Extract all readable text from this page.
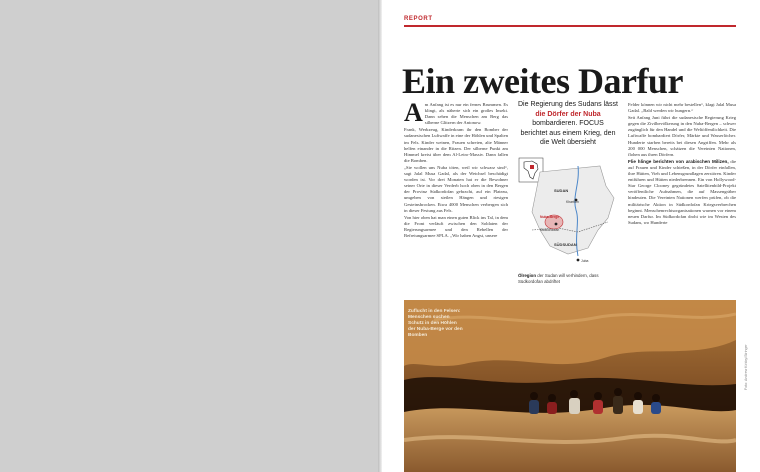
REPORT
Ein zweites Darfur

Am Anfang ist es nur ein fernes Brummen. Es klingt, als näherte sich ein großes Insekt. Dann sehen die Menschen am Berg das silberne Glitzern der Antonow.

Frank, Werkzeug, Kinderkram ihr den Bomber der sudanesischen Luftwaffe in eine der Höhlen und Spalten im Fels. Kinder weinen, Frauen schreien, alte Männer helfen einander in die Ritzen. Der silberne Punkt am Himmel kreist über dem Al-Leiro-Massiv. Dann fallen die Bomben.

„Sie wollen uns Nuba töten, weil wir schwarz sind“, sagt Jalal Musa Gadal, als der Weichsel beschädigt worden ist. Vor drei Monaten hat er die Bewohner seiner Orte in dieser Verderb hoch oben in den Bergen der Provinz Südkordofan gebracht, auf ein Plateau, umgeben von steilen Hängen und riesigen Gesteinsbrocken. Etwa 4000 Menschen verbergen sich in dieser Festung aus Fels.

Von hier oben hat man einen guten Blick ins Tal, in dem die Front verläuft zwischen den Soldaten der Regierungsarmee und den Rebellen der Befreiungsarmee SPLA. „Wir haben Angst, unsere

Die Regierung des Sudans lässt die Dörfer der Nuba bombardieren. FOCUS berichtet aus einem Krieg, den die Welt übersieht
SUDAN
Khartum
Nuba-Berge
Südkordofan
SÜDSUDAN
Juba
Ölregion der Sudan will verhindern, dass Südkordofan abdriftet

Felder können wir nicht mehr bestellen“, klagt Jalal Musa Gadal. „Bald werden wir hungern.“

Seit Anfang Juni führt die sudanesische Regierung Krieg gegen die Zivilbevölkerung in den Nuba-Bergen – schwer zugänglich für den Handel und die Weltöffentlichkeit. Die Luftwaffe bombardiert Dörfer, Märkte und Wasserlöcher. Hunderte starben bereits bei diesen Angriffen. Mehr als 200 000 Menschen, schätzen die Vereinten Nationen, flohen aus ihren Dörfern.

Flie hlinge berichten von arabischen Milizen, die auf Frauen und Kinder schießen, in der Dörfer einfallen, ihre Hütten, Vieh und Lebensgrundlagen zerstören. Kinder entführen und Hütten niederbrennen. Ein von Hollywood-Star George Clooney gegründetes Satellitenbild-Projekt veröffentliche Aufnahmen, die auf Massengräber hindeuten. Die Vereinten Nationen werfen prüfen, ob die militärische Aktion in Südkordofan Kriegsverbrechen beginnt. Menschenrechtsorganisationen warnen vor einem neuen Darfur. Im Südkordofan droht wie im Westen des Sudans, wo Hunderte

Zuflucht in den Felsen: Menschen suchen Schutz in den Höhlen der Nuba-Berge vor den Bomben
Foto: Andrew Kirkby/Stringer
